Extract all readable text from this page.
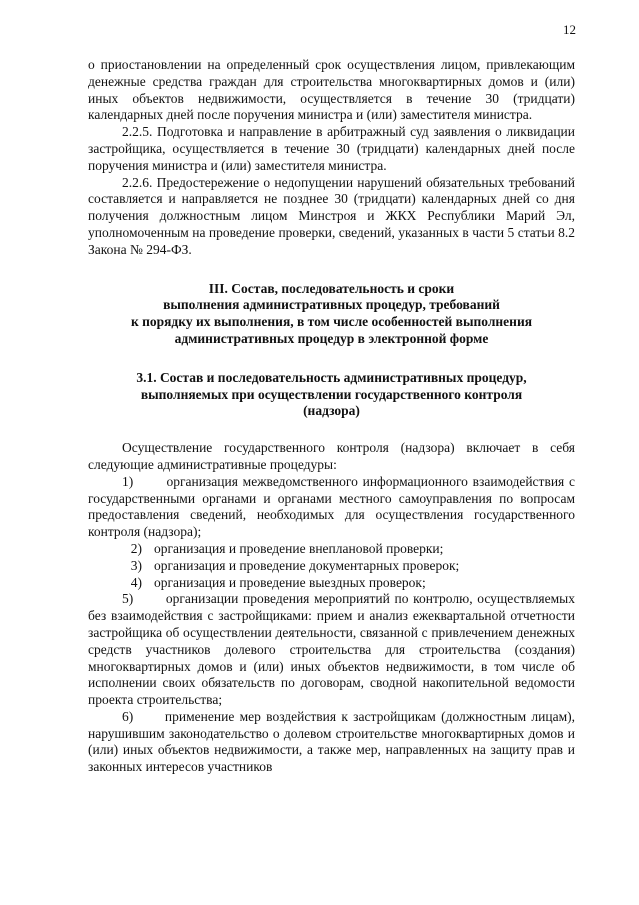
12

о приостановлении на определенный срок осуществления лицом, привлекающим денежные средства граждан для строительства многоквартирных домов и (или) иных объектов недвижимости, осуществляется в течение 30 (тридцати) календарных дней после поручения министра и (или) заместителя министра.

2.2.5. Подготовка и направление в арбитражный суд заявления о ликвидации застройщика, осуществляется в течение 30 (тридцати) календарных дней после поручения министра и (или) заместителя министра.

2.2.6. Предостережение о недопущении нарушений обязательных требований составляется и направляется не позднее 30 (тридцати) календарных дней со дня получения должностным лицом Минстроя и ЖКХ Республики Марий Эл, уполномоченным на проведение проверки, сведений, указанных в части 5 статьи 8.2 Закона № 294-ФЗ.

III. Состав, последовательность и сроки
выполнения административных процедур, требований
к порядку их выполнения, в том числе особенностей выполнения
административных процедур в электронной форме
3.1. Состав и последовательность административных процедур,
выполняемых при осуществлении государственного контроля
(надзора)

Осуществление государственного контроля (надзора) включает в себя следующие административные процедуры:

1)       организация межведомственного информационного взаимодействия с государственными органами и органами местного самоуправления по вопросам предоставления сведений, необходимых для осуществления государственного контроля (надзора);

2) организация и проведение внеплановой проверки;
3) организация и проведение документарных проверок;
4) организация и проведение выездных проверок;

5)       организации проведения мероприятий по контролю, осуществляемых без взаимодействия с застройщиками: прием и анализ ежеквартальной отчетности застройщика об осуществлении деятельности, связанной с привлечением денежных средств участников долевого строительства для строительства (создания) многоквартирных домов и (или) иных объектов недвижимости, в том числе об исполнении своих обязательств по договорам, сводной накопительной ведомости проекта строительства;

6)      применение мер воздействия к застройщикам (должностным лицам), нарушившим законодательство о долевом строительстве многоквартирных домов и (или) иных объектов недвижимости, а также мер, направленных на защиту прав и законных интересов участников
